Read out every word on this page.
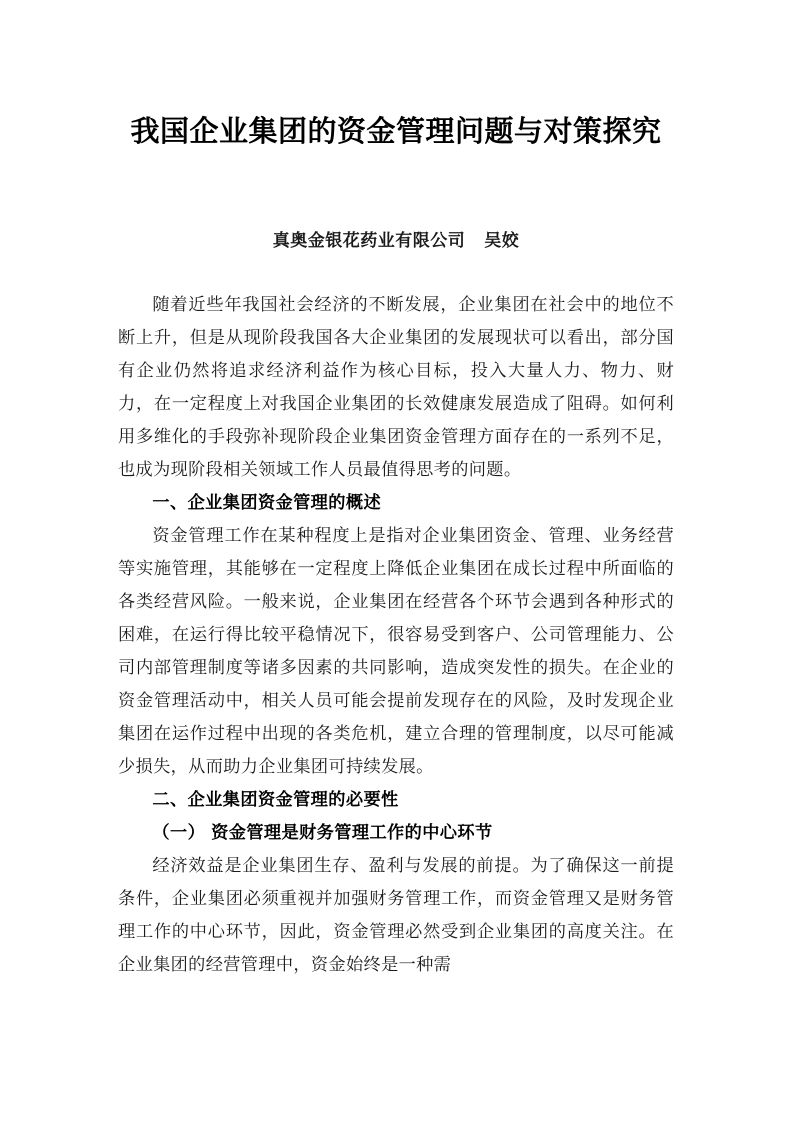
我国企业集团的资金管理问题与对策探究
真奥金银花药业有限公司 吴姣

随着近些年我国社会经济的不断发展，企业集团在社会中的地位不断上升，但是从现阶段我国各大企业集团的发展现状可以看出，部分国有企业仍然将追求经济利益作为核心目标，投入大量人力、物力、财力，在一定程度上对我国企业集团的长效健康发展造成了阻碍。如何利用多维化的手段弥补现阶段企业集团资金管理方面存在的一系列不足，也成为现阶段相关领域工作人员最值得思考的问题。

一、企业集团资金管理的概述

资金管理工作在某种程度上是指对企业集团资金、管理、业务经营等实施管理，其能够在一定程度上降低企业集团在成长过程中所面临的各类经营风险。一般来说，企业集团在经营各个环节会遇到各种形式的困难，在运行得比较平稳情况下，很容易受到客户、公司管理能力、公司内部管理制度等诸多因素的共同影响，造成突发性的损失。在企业的资金管理活动中，相关人员可能会提前发现存在的风险，及时发现企业集团在运作过程中出现的各类危机，建立合理的管理制度，以尽可能减少损失，从而助力企业集团可持续发展。

二、企业集团资金管理的必要性
（一） 资金管理是财务管理工作的中心环节

经济效益是企业集团生存、盈利与发展的前提。为了确保这一前提条件，企业集团必须重视并加强财务管理工作，而资金管理又是财务管理工作的中心环节，因此，资金管理必然受到企业集团的高度关注。在企业集团的经营管理中，资金始终是一种需
